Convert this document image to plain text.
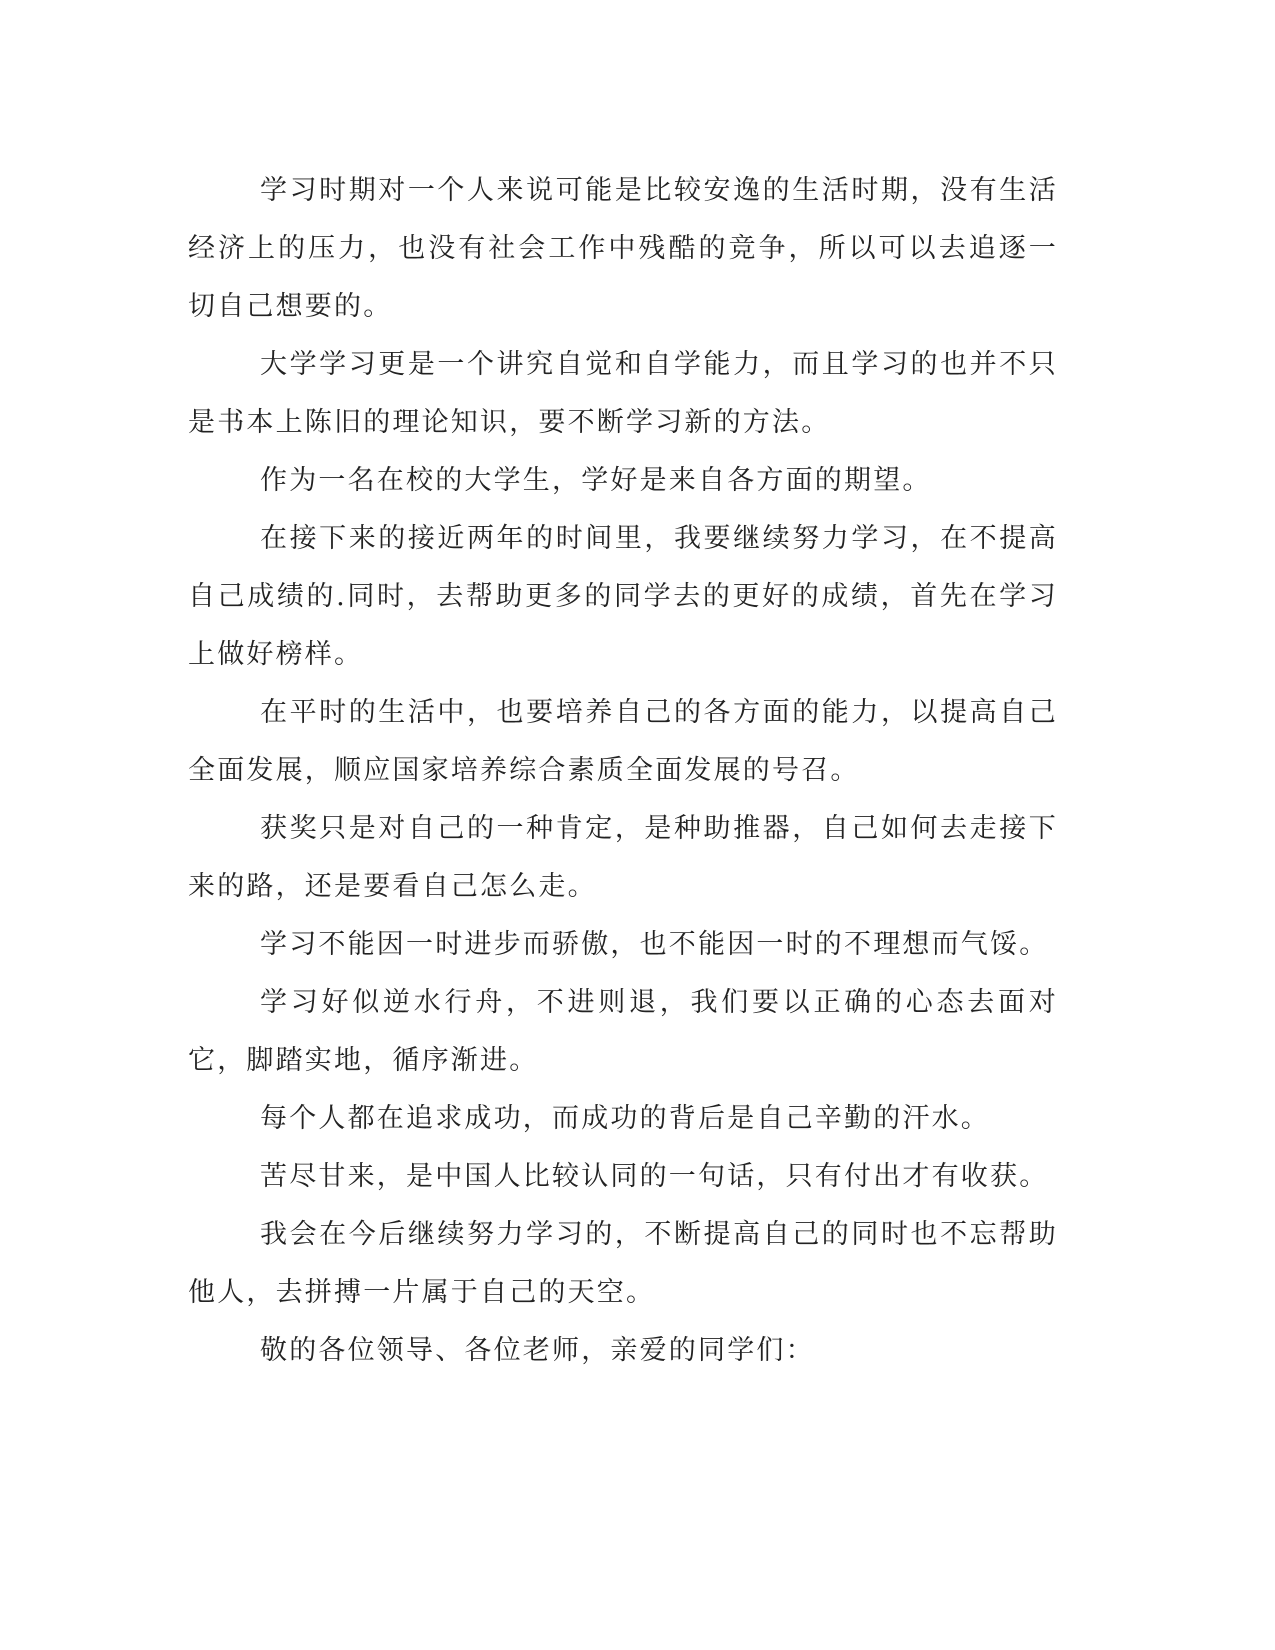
学习时期对一个人来说可能是比较安逸的生活时期，没有生活经济上的压力，也没有社会工作中残酷的竞争，所以可以去追逐一切自己想要的。

大学学习更是一个讲究自觉和自学能力，而且学习的也并不只是书本上陈旧的理论知识，要不断学习新的方法。

作为一名在校的大学生，学好是来自各方面的期望。

在接下来的接近两年的时间里，我要继续努力学习，在不提高自己成绩的.同时，去帮助更多的同学去的更好的成绩，首先在学习上做好榜样。

在平时的生活中，也要培养自己的各方面的能力，以提高自己全面发展，顺应国家培养综合素质全面发展的号召。

获奖只是对自己的一种肯定，是种助推器，自己如何去走接下来的路，还是要看自己怎么走。

学习不能因一时进步而骄傲，也不能因一时的不理想而气馁。

学习好似逆水行舟，不进则退，我们要以正确的心态去面对它，脚踏实地，循序渐进。

每个人都在追求成功，而成功的背后是自己辛勤的汗水。

苦尽甘来，是中国人比较认同的一句话，只有付出才有收获。

我会在今后继续努力学习的，不断提高自己的同时也不忘帮助他人，去拼搏一片属于自己的天空。

敬的各位领导、各位老师，亲爱的同学们：
